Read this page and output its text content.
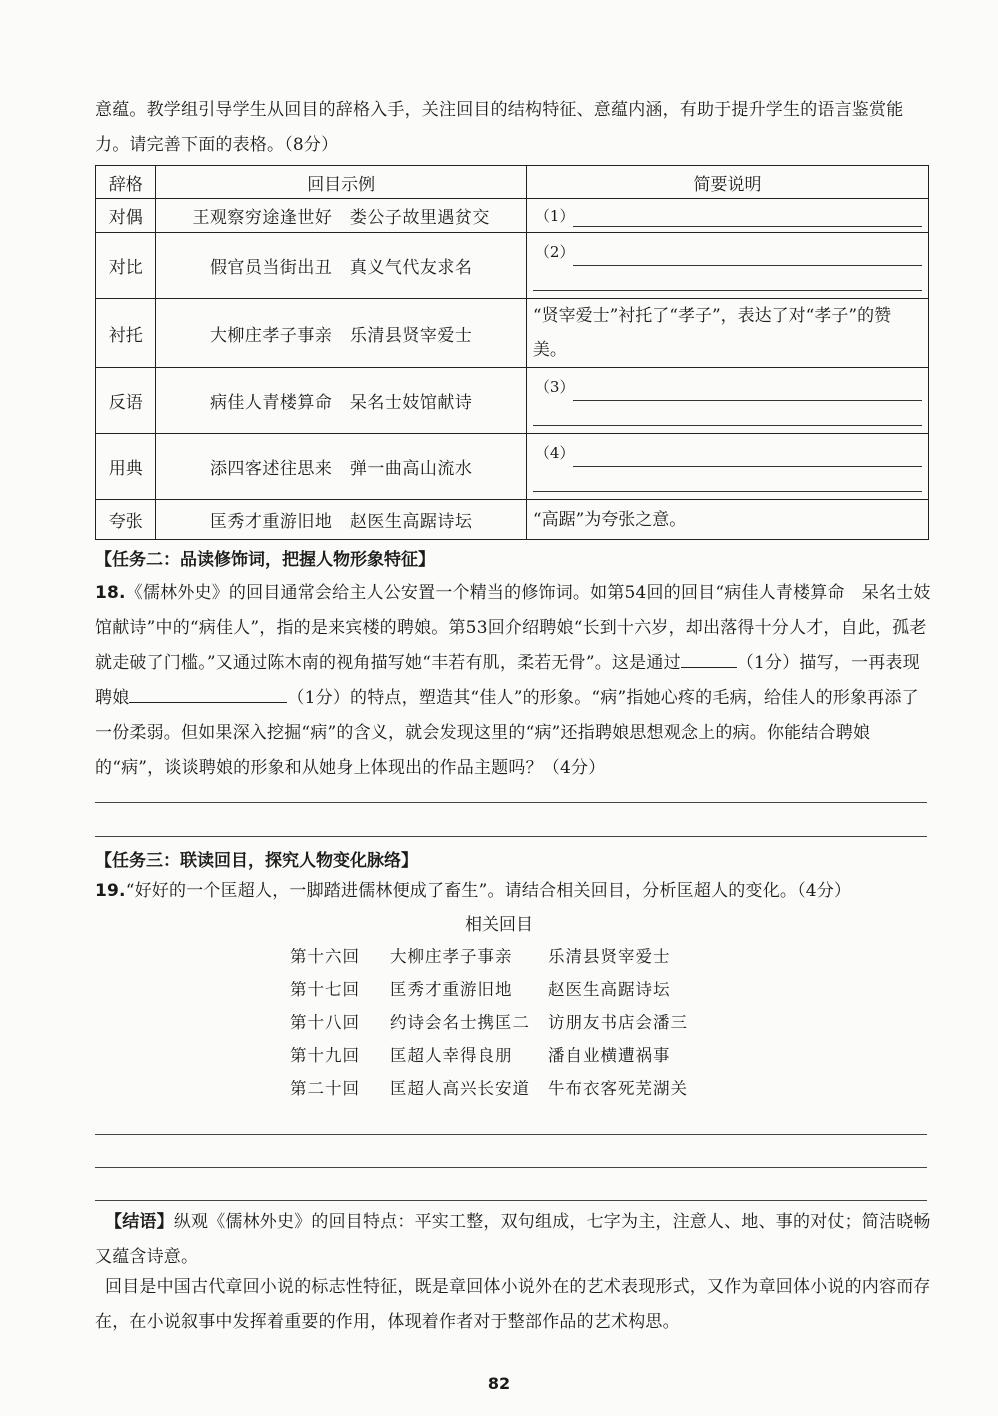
意蕴。教学组引导学生从回目的辞格入手，关注回目的结构特征、意蕴内涵，有助于提升学生的语言鉴赏能力。请完善下面的表格。（8分）
辞格	回目示例	简要说明
对偶	王观察穷途逢世好　娄公子故里遇贫交	（1）

对比	假官员当街出丑　真义气代友求名	（2）

衬托	大柳庄孝子事亲　乐清县贤宰爱士	“贤宰爱士”衬托了“孝子”，表达了对“孝子”的赞美。
反语	病佳人青楼算命　呆名士妓馆献诗	（3）

用典	添四客述往思来　弹一曲高山流水	（4）

夸张	匡秀才重游旧地　赵医生高踞诗坛	“高踞”为夸张之意。
【任务二：品读修饰词，把握人物形象特征】
18.《儒林外史》的回目通常会给主人公安置一个精当的修饰词。如第54回的回目“病佳人青楼算命　呆名士妓馆献诗”中的“病佳人”，指的是来宾楼的聘娘。第53回介绍聘娘“长到十六岁，却出落得十分人才，自此，孤老就走破了门槛。”又通过陈木南的视角描写她“丰若有肌，柔若无骨”。这是通过	（1分）描写，一再表现聘娘	（1分）的特点，塑造其“佳人”的形象。“病”指她心疼的毛病，给佳人的形象再添了一份柔弱。但如果深入挖掘“病”的含义，就会发现这里的“病”还指聘娘思想观念上的病。你能结合聘娘的“病”，谈谈聘娘的形象和从她身上体现出的作品主题吗？（4分）
【任务三：联读回目，探究人物变化脉络】
19.“好好的一个匡超人，一脚踏进儒林便成了畜生”。请结合相关回目，分析匡超人的变化。（4分）
相关回目
第十六回 大柳庄孝子事亲 乐清县贤宰爱士
第十七回 匡秀才重游旧地 赵医生高踞诗坛
第十八回 约诗会名士携匡二 访朋友书店会潘三
第十九回 匡超人幸得良朋 潘自业横遭祸事
第二十回 匡超人高兴长安道 牛布衣客死芜湖关
【结语】纵观《儒林外史》的回目特点：平实工整，双句组成，七字为主，注意人、地、事的对仗；简洁晓畅又蕴含诗意。
回目是中国古代章回小说的标志性特征，既是章回体小说外在的艺术表现形式，又作为章回体小说的内容而存在，在小说叙事中发挥着重要的作用，体现着作者对于整部作品的艺术构思。
82
